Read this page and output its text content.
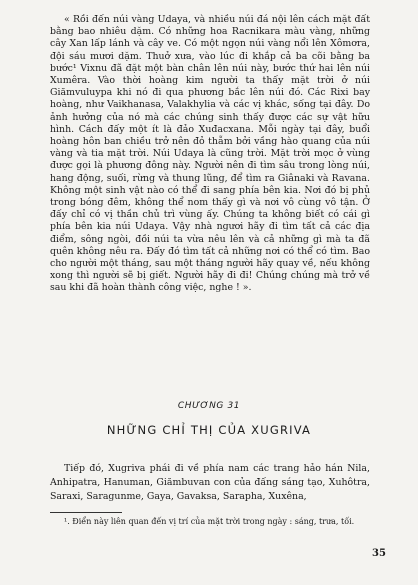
« Rồi đến núi vàng Udaya, và nhiều núi đá nội lên cách mặt đất bằng bao nhiêu dặm. Có những hoa Racnikara màu vàng, những cây Xan lấp lánh và cây ve. Có một ngọn núi vàng nổi lên Xômơra, đội sáu mươi dặm. Thuở xưa, vào lúc đi khắp cả ba cõi bằng ba bước¹ Vixnu đã đặt một bàn chân lên núi này, bước thứ hai lên núi Xumêra. Vào thời hoàng kim người ta thấy mặt trời ở núi Giămvuluypa khi nó đi qua phương bắc lên núi đó. Các Rixi bay hoàng, như Vaikhanasa, Valakhylia và các vị khác, sống tại đây. Do ảnh hưởng của nó mà các chúng sinh thấy được các sự vật hữu hình. Cách đấy một ít là đảo Xuđacxana. Mỗi ngày tại đây, buổi hoàng hôn ban chiều trở nên đỏ thẫm bởi vầng hào quang của núi vàng và tia mặt trời. Núi Udaya là cũng trời. Mặt trời mọc ở vùng được gọi là phương đông này. Người nên đi tìm sâu trong lòng núi, hang động, suối, rừng và thung lũng, để tìm ra Giânaki và Ravana. Không một sinh vật nào có thể đi sang phía bên kia. Nơi đó bị phủ trong bóng đêm, không thể nom thấy gì và nơi vô cùng vô tận. Ở đấy chỉ có vị thần chủ trì vùng ấy. Chúng ta không biết có cái gì phía bên kia núi Udaya. Vậy nhà ngươi hãy đi tìm tất cả các địa điểm, sông ngòi, đồi núi ta vừa nêu lên và cả những gì mà ta đã quên không nêu ra. Đấy đó tìm tất cả những nơi có thể có tìm. Bao cho người một tháng, sau một tháng người hãy quay về, nếu không xong thì người sẽ bị giết. Người hãy đi đi! Chúng chúng mà trở về sau khi đã hoàn thành công việc, nghe ! ».

CHƯƠNG 31
NHỮNG CHỈ THỊ CỦA XUGRIVA

Tiếp đó, Xugriva phái đi về phía nam các trang hảo hán Nila, Anhipatra, Hanuman, Giămbuvan con của đấng sáng tạo, Xuhôtra, Saraxi, Saragunme, Gaya, Gavaksa, Sarapha, Xuxêna,

¹. Điển này liên quan đến vị trí của mặt trời trong ngày : sáng, trưa, tối.

35
